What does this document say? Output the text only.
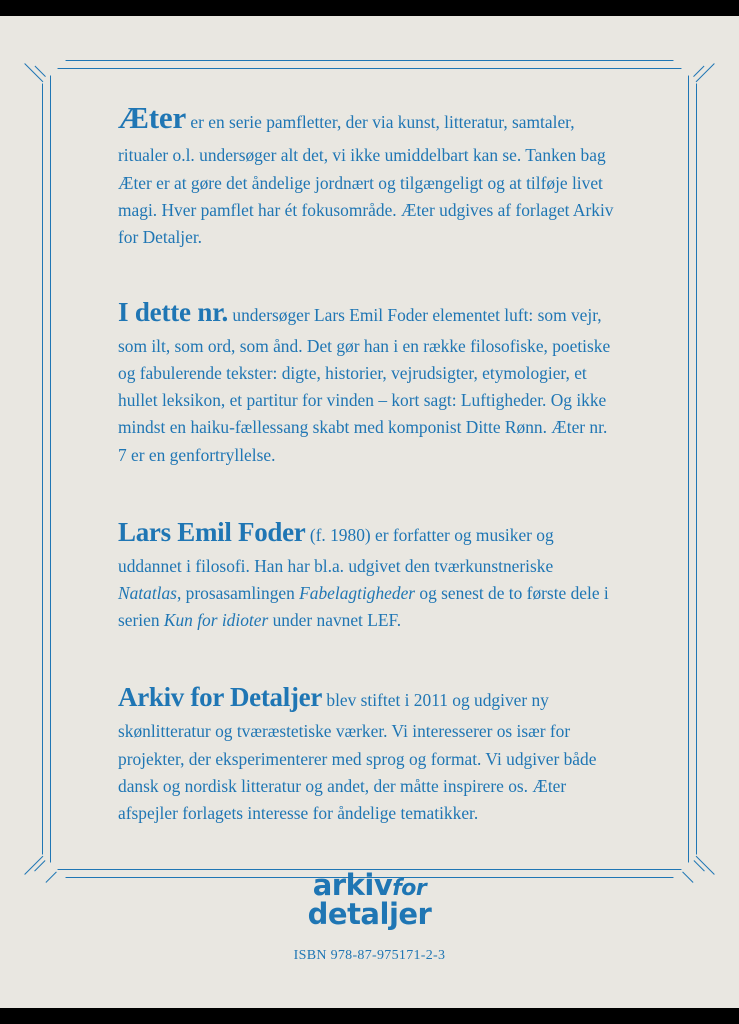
Æter er en serie pamfletter, der via kunst, litteratur, samtaler, ritualer o.l. undersøger alt det, vi ikke umiddelbart kan se. Tanken bag Æter er at gøre det åndelige jordnært og tilgængeligt og at tilføje livet magi. Hver pamflet har ét fokusområde. Æter udgives af forlaget Arkiv for Detaljer.

I dette nr. undersøger Lars Emil Foder elementet luft: som vejr, som ilt, som ord, som ånd. Det gør han i en række filosofiske, poetiske og fabulerende tekster: digte, historier, vejrudsigter, etymologier, et hullet leksikon, et partitur for vinden – kort sagt: Luftigheder. Og ikke mindst en haiku-fællessang skabt med komponist Ditte Rønn. Æter nr. 7 er en genfortryllelse.

Lars Emil Foder (f. 1980) er forfatter og musiker og uddannet i filosofi. Han har bl.a. udgivet den tværkunstneriske Natatlas, prosasamlingen Fabelagtigheder og senest de to første dele i serien Kun for idioter under navnet LEF.

Arkiv for Detaljer blev stiftet i 2011 og udgiver ny skønlitteratur og tværæstetiske værker. Vi interesserer os især for projekter, der eksperimenterer med sprog og format. Vi udgiver både dansk og nordisk litteratur og andet, der måtte inspirere os. Æter afspejler forlagets interesse for åndelige tematikker.

arkivfor
detaljer
ISBN 978-87-975171-2-3
